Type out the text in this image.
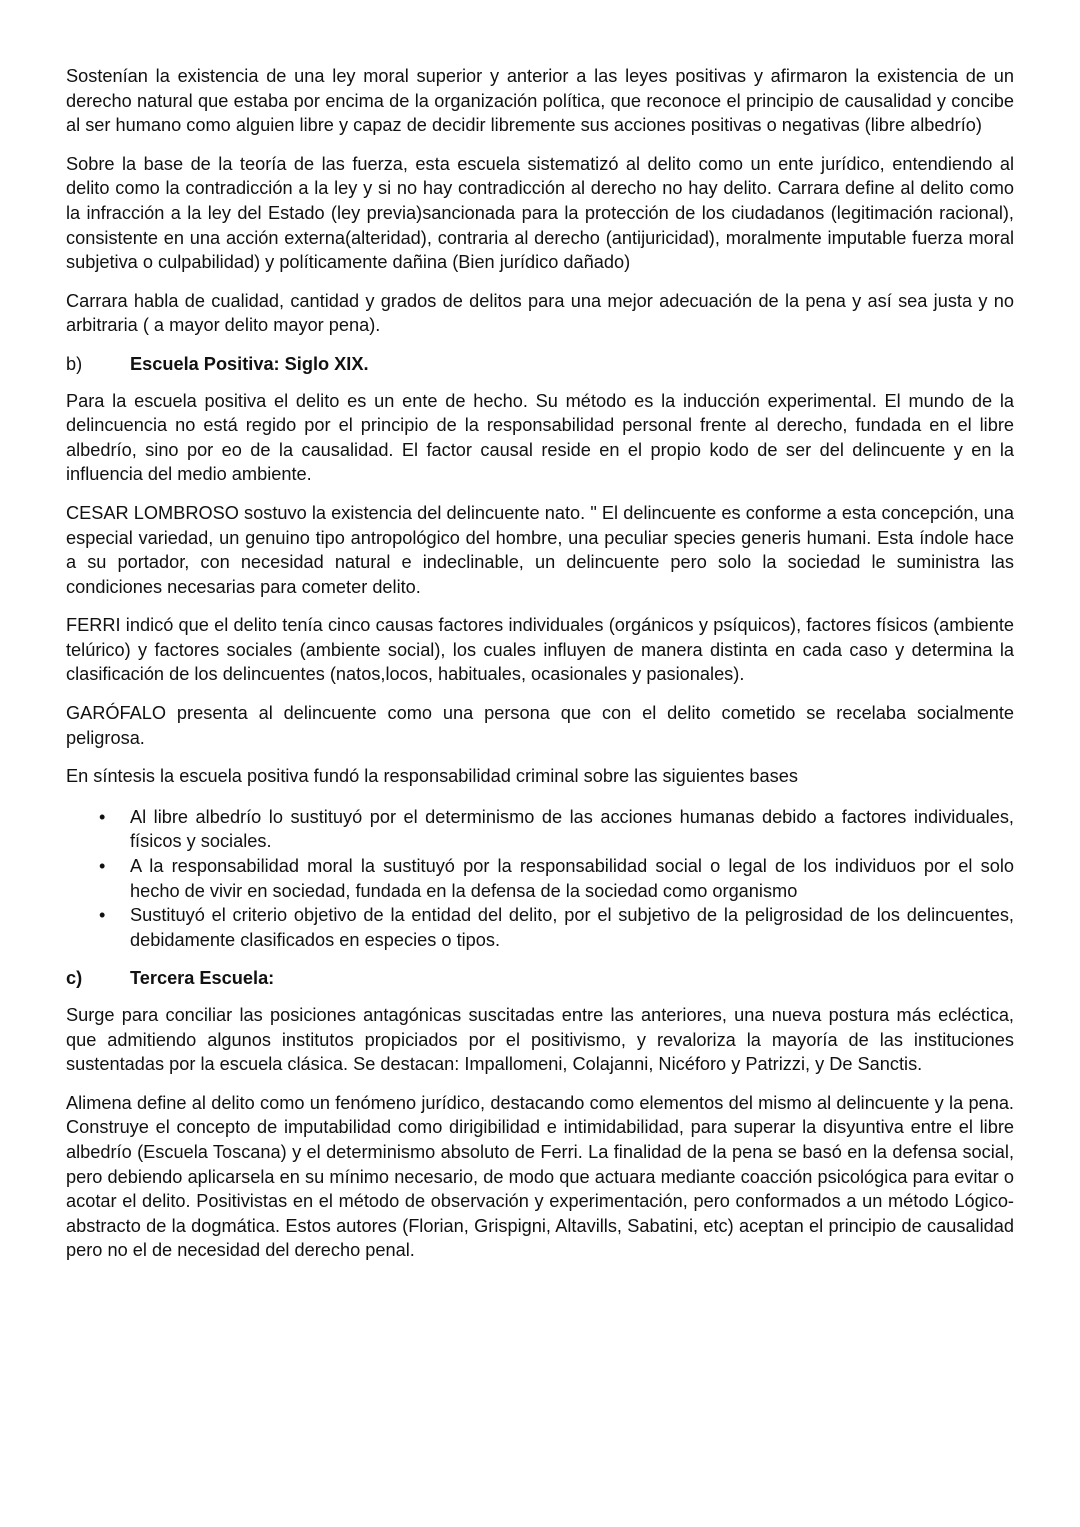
Sostenían la existencia de una ley moral superior y anterior a las leyes positivas y afirmaron la existencia de un derecho natural que estaba por encima de la organización política, que reconoce el principio de causalidad y concibe al ser humano como alguien libre y capaz de decidir libremente sus acciones positivas o negativas (libre albedrío)

Sobre la base de la teoría de las fuerza, esta escuela sistematizó al delito como un ente jurídico, entendiendo al delito como la contradicción a la ley y si no hay contradicción al derecho no hay delito. Carrara define al delito como la infracción a la ley del Estado (ley previa)sancionada para la protección de los ciudadanos (legitimación racional), consistente en una acción externa(alteridad), contraria al derecho (antijuricidad), moralmente imputable fuerza moral subjetiva o culpabilidad) y políticamente dañina (Bien jurídico dañado)

Carrara habla de cualidad, cantidad y grados de delitos para una mejor adecuación de la pena y así sea justa y no arbitraria ( a mayor delito mayor pena).

b)	Escuela Positiva: Siglo XIX.

Para la escuela positiva el delito es un ente de hecho. Su método es la inducción experimental. El mundo de la delincuencia no está regido por el principio de la responsabilidad personal frente al derecho, fundada en el libre albedrío, sino por eo de la causalidad. El factor causal reside en el propio kodo de ser del delincuente y en la influencia del medio ambiente.

CESAR LOMBROSO sostuvo la existencia del delincuente nato. " El delincuente es conforme a esta concepción, una especial variedad, un genuino tipo antropológico del hombre, una peculiar species generis humani. Esta índole hace a su portador, con necesidad natural e indeclinable, un delincuente pero solo la sociedad le suministra las condiciones necesarias para cometer delito.

FERRI indicó que el delito tenía cinco causas factores individuales (orgánicos y psíquicos), factores físicos (ambiente telúrico) y factores sociales (ambiente social), los cuales influyen de manera distinta en cada caso y determina la clasificación de los delincuentes (natos,locos, habituales, ocasionales y pasionales).

GARÓFALO presenta al delincuente como una persona que con el delito cometido se recelaba socialmente peligrosa.

En síntesis la escuela positiva fundó la responsabilidad criminal sobre las siguientes bases

• Al libre albedrío lo sustituyó por el determinismo de las acciones humanas debido a factores individuales, físicos y sociales.
• A la responsabilidad moral la sustituyó por la responsabilidad social o legal de los individuos por el solo hecho de vivir en sociedad, fundada en la defensa de la sociedad como organismo
• Sustituyó el criterio objetivo de la entidad del delito, por el subjetivo de la peligrosidad de los delincuentes, debidamente clasificados en especies o tipos.
c)	Tercera Escuela:

Surge para conciliar las posiciones antagónicas suscitadas entre las anteriores, una nueva postura más ecléctica, que admitiendo algunos institutos propiciados por el positivismo, y revaloriza la mayoría de las instituciones sustentadas por la escuela clásica. Se destacan: Impallomeni, Colajanni, Nicéforo y Patrizzi, y De Sanctis.

Alimena define al delito como un fenómeno jurídico, destacando como elementos del mismo al delincuente y la pena. Construye el concepto de imputabilidad como dirigibilidad e intimidabilidad, para superar la disyuntiva entre el libre albedrío (Escuela Toscana) y el determinismo absoluto de Ferri. La finalidad de la pena se basó en la defensa social, pero debiendo aplicarsela en su mínimo necesario, de modo que actuara mediante coacción psicológica para evitar o acotar el delito. Positivistas en el método de observación y experimentación, pero conformados a un método Lógico-abstracto de la dogmática. Estos autores (Florian, Grispigni, Altavills, Sabatini, etc) aceptan el principio de causalidad pero no el de necesidad del derecho penal.
